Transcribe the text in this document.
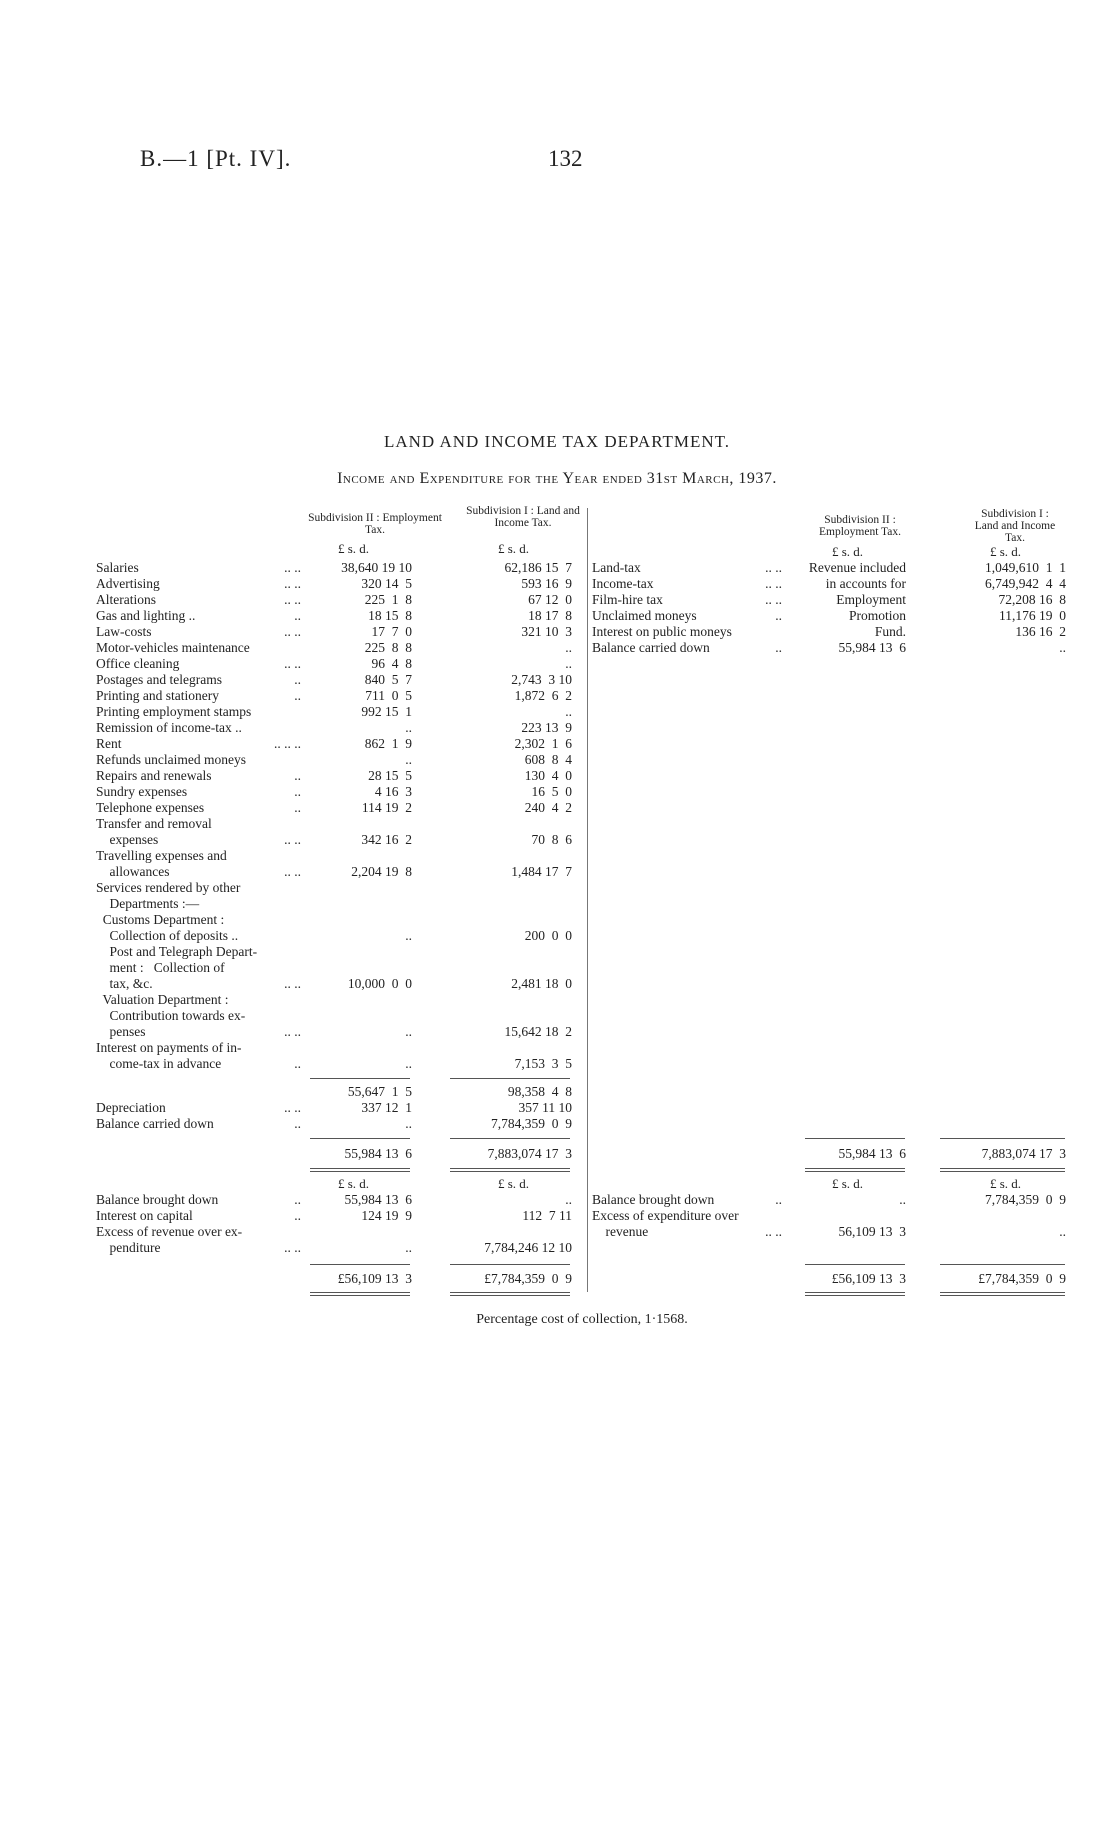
B.—1 [Pt. IV].	132
LAND AND INCOME TAX DEPARTMENT.
Income and Expenditure for the Year ended 31st March, 1937.
Subdivision II : Employment Tax.
Subdivision I : Land and Income Tax.
£ s. d.	£ s. d.
Salaries	.. ..	38,640 19 10	62,186 15  7
Advertising	.. ..	320 14  5	593 16  9
Alterations	.. ..	225  1  8	67 12  0
Gas and lighting ..	..	18 15  8	18 17  8
Law-costs	.. ..	17  7  0	321 10  3
Motor-vehicles maintenance	225  8  8	..
Office cleaning	.. ..	96  4  8	..
Postages and telegrams	..	840  5  7	2,743  3 10
Printing and stationery	..	711  0  5	1,872  6  2
Printing employment stamps	992 15  1	..
Remission of income-tax ..	..	223 13  9
Rent	.. .. ..	862  1  9	2,302  1  6
Refunds unclaimed moneys	..	608  8  4
Repairs and renewals	..	28 15  5	130  4  0
Sundry expenses	..	4 16  3	16  5  0
Telephone expenses	..	114 19  2	240  4  2
Transfer and removal
expenses	.. ..	342 16  2	70  8  6
Travelling expenses and
allowances	.. ..	2,204 19  8	1,484 17  7
Services rendered by other
Departments :—
Customs Department :
Collection of deposits ..	..	200  0  0
Post and Telegraph Depart-
ment :   Collection of
tax, &c.	.. ..	10,000  0  0	2,481 18  0
Valuation Department :
Contribution towards ex-
penses	.. ..	..	15,642 18  2
Interest on payments of in-
come-tax in advance	..	..	7,153  3  5
55,647  1  5	98,358  4  8
Depreciation	.. ..	337 12  1	357 11 10
Balance carried down	..	..	7,784,359  0  9
55,984 13  6	7,883,074 17  3
£ s. d.	£ s. d.
Balance brought down	..	55,984 13  6	..
Interest on capital	..	124 19  9	112  7 11
Excess of revenue over ex-
penditure	.. ..	..	7,784,246 12 10
£56,109 13  3	£7,784,359  0  9
Subdivision II : Employment Tax.
Subdivision I : Land and Income Tax.
£ s. d.	£ s. d.
Land-tax	.. ..	Revenue included	1,049,610  1  1
Income-tax	.. ..	in accounts for	6,749,942  4  4
Film-hire tax	.. ..	Employment	72,208 16  8
Unclaimed moneys	..	Promotion	11,176 19  0
Interest on public moneys	Fund.	136 16  2
Balance carried down	..	55,984 13  6	..
55,984 13  6	7,883,074 17  3
£ s. d.	£ s. d.
Balance brought down	..	..	7,784,359  0  9
Excess of expenditure over
revenue	.. ..	56,109 13  3	..
£56,109 13  3	£7,784,359  0  9
Percentage cost of collection, 1·1568.
